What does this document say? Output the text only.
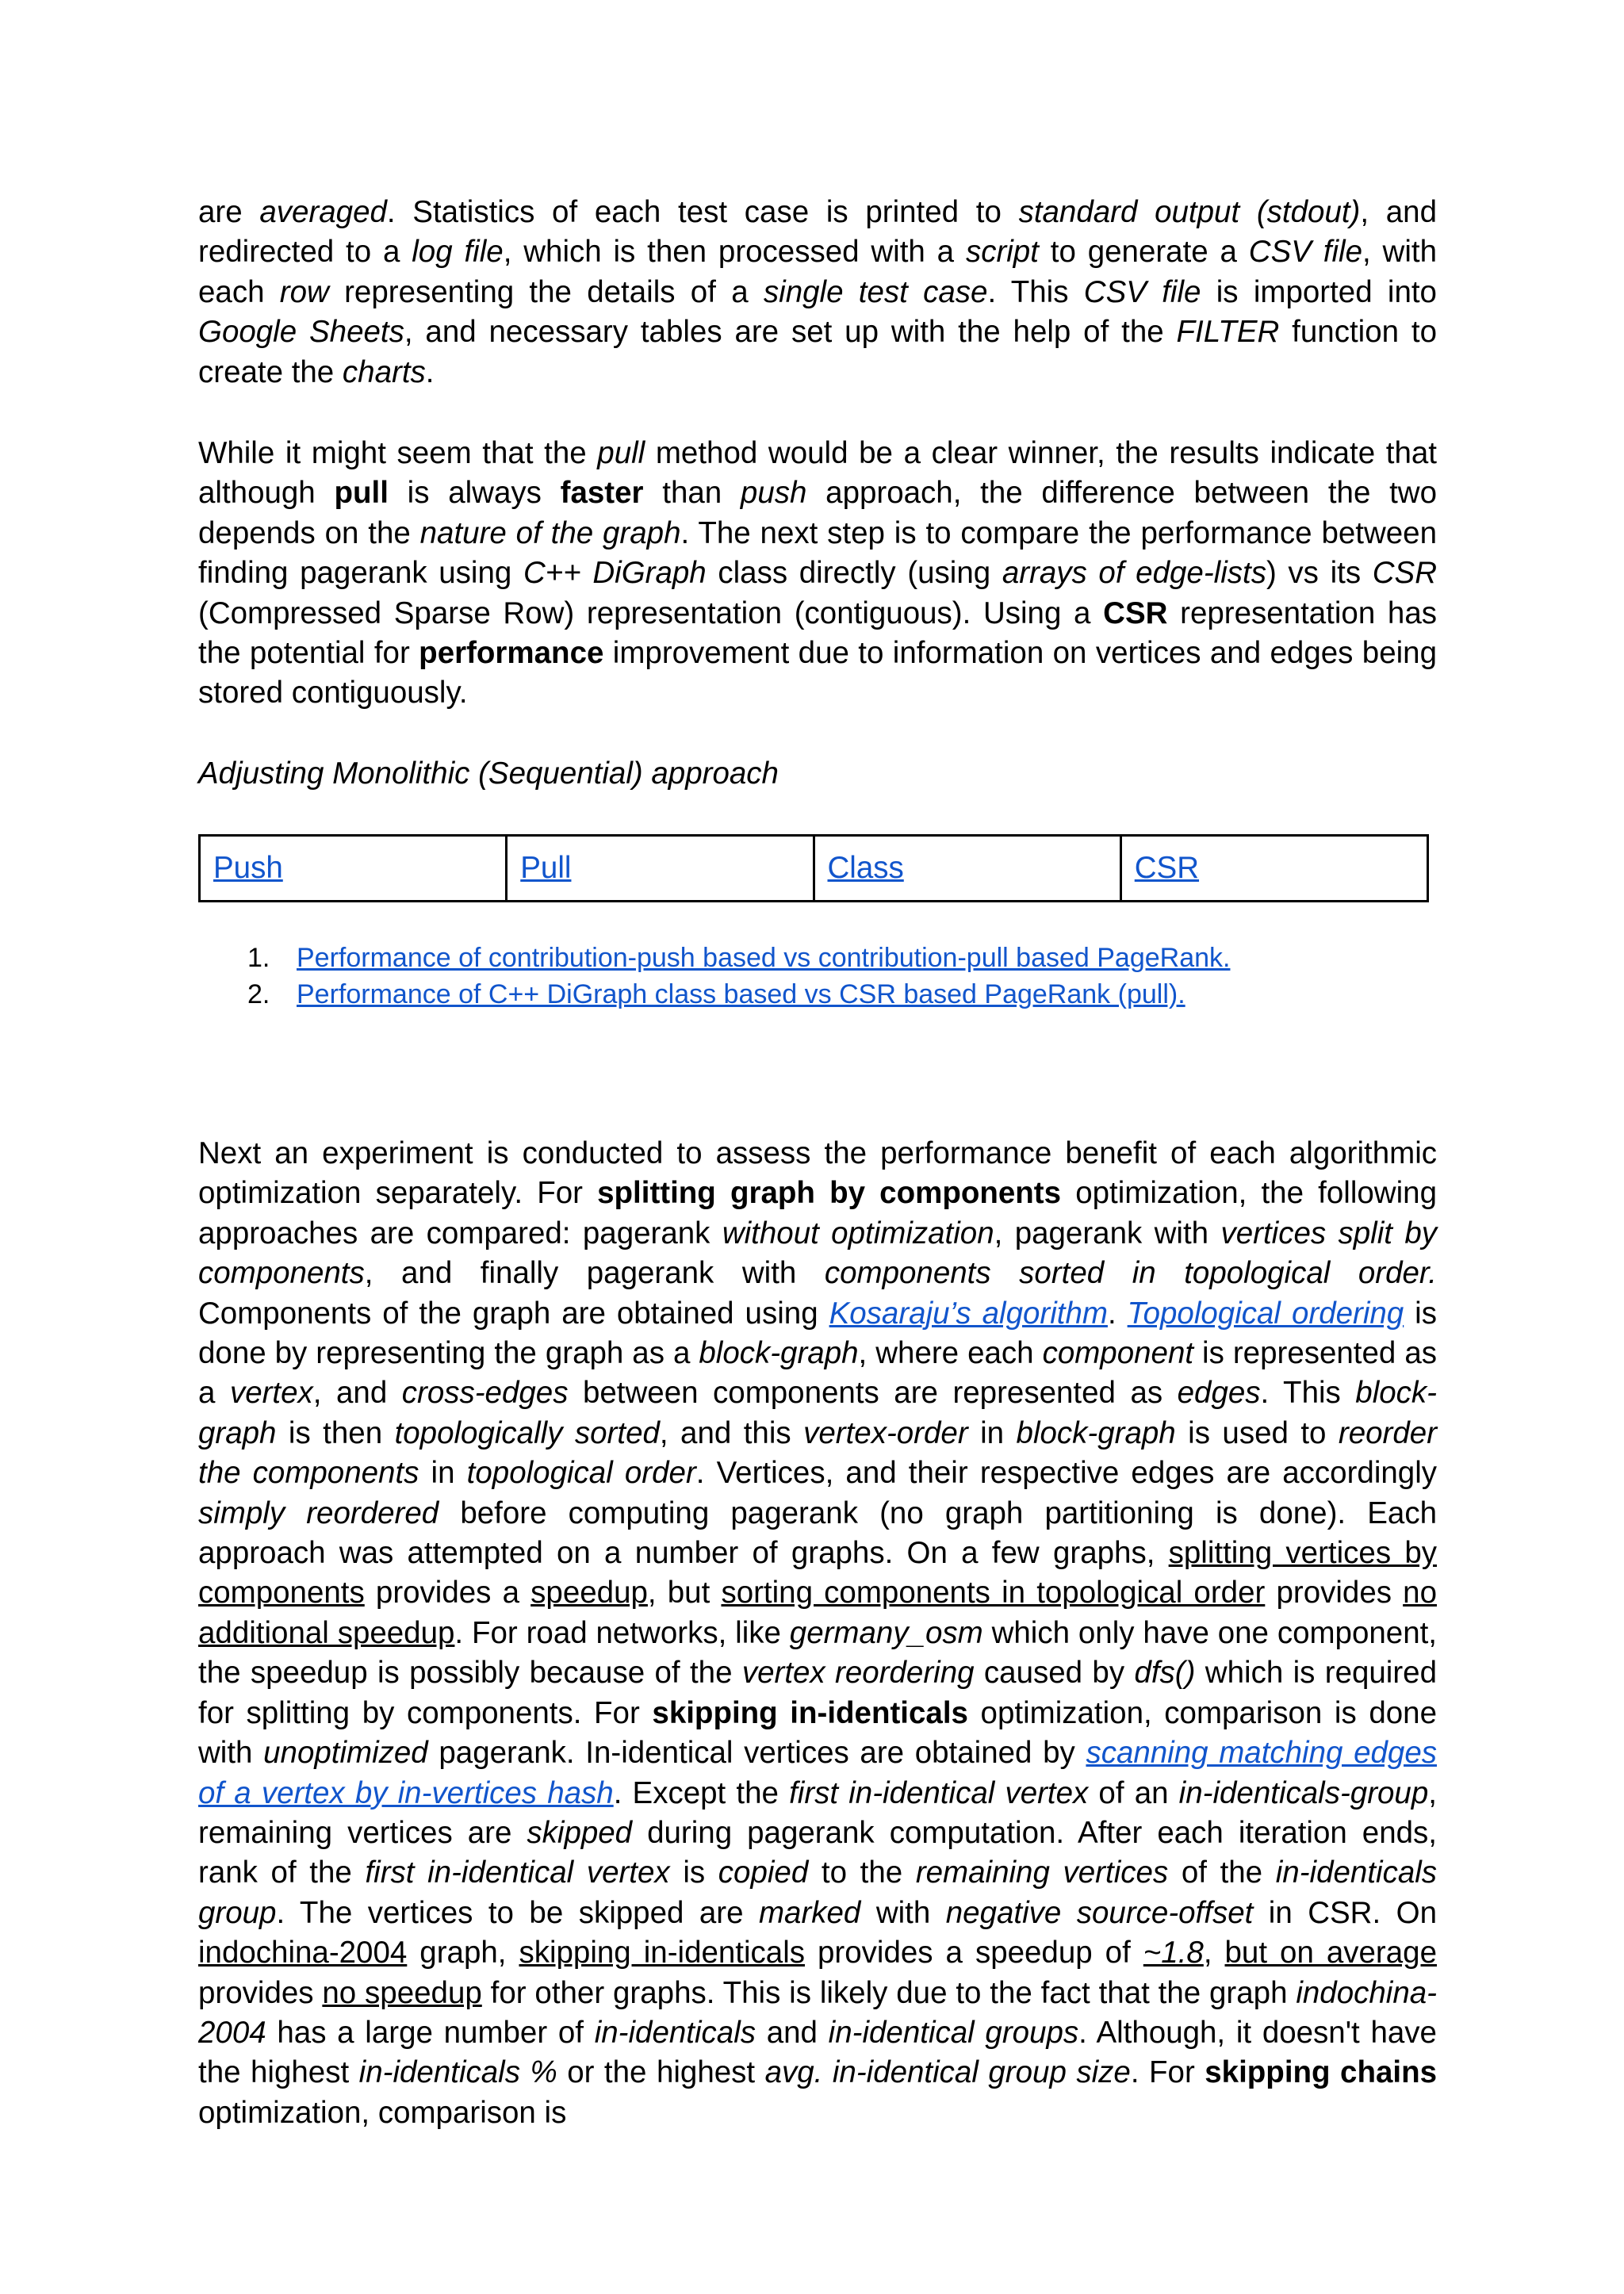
are averaged. Statistics of each test case is printed to standard output (stdout), and redirected to a log file, which is then processed with a script to generate a CSV file, with each row representing the details of a single test case. This CSV file is imported into Google Sheets, and necessary tables are set up with the help of the FILTER function to create the charts.

While it might seem that the pull method would be a clear winner, the results indicate that although pull is always faster than push approach, the difference between the two depends on the nature of the graph. The next step is to compare the performance between finding pagerank using C++ DiGraph class directly (using arrays of edge-lists) vs its CSR (Compressed Sparse Row) representation (contiguous). Using a CSR representation has the potential for performance improvement due to information on vertices and edges being stored contiguously.

Adjusting Monolithic (Sequential) approach

Push	Pull	Class	CSR
1. Performance of contribution-push based vs contribution-pull based PageRank.
2. Performance of C++ DiGraph class based vs CSR based PageRank (pull).

Next an experiment is conducted to assess the performance benefit of each algorithmic optimization separately. For splitting graph by components optimization, the following approaches are compared: pagerank without optimization, pagerank with vertices split by components, and finally pagerank with components sorted in topological order. Components of the graph are obtained using Kosaraju’s algorithm. Topological ordering is done by representing the graph as a block-graph, where each component is represented as a vertex, and cross-edges between components are represented as edges. This block-graph is then topologically sorted, and this vertex-order in block-graph is used to reorder the components in topological order. Vertices, and their respective edges are accordingly simply reordered before computing pagerank (no graph partitioning is done). Each approach was attempted on a number of graphs. On a few graphs, splitting vertices by components provides a speedup, but sorting components in topological order provides no additional speedup. For road networks, like germany_osm which only have one component, the speedup is possibly because of the vertex reordering caused by dfs() which is required for splitting by components. For skipping in-identicals optimization, comparison is done with unoptimized pagerank. In-identical vertices are obtained by scanning matching edges of a vertex by in-vertices hash. Except the first in-identical vertex of an in-identicals-group, remaining vertices are skipped during pagerank computation. After each iteration ends, rank of the first in-identical vertex is copied to the remaining vertices of the in-identicals group. The vertices to be skipped are marked with negative source-offset in CSR. On indochina-2004 graph, skipping in-identicals provides a speedup of ~1.8, but on average provides no speedup for other graphs. This is likely due to the fact that the graph indochina-2004 has a large number of in-identicals and in-identical groups. Although, it doesn't have the highest in-identicals % or the highest avg. in-identical group size. For skipping chains optimization, comparison is
